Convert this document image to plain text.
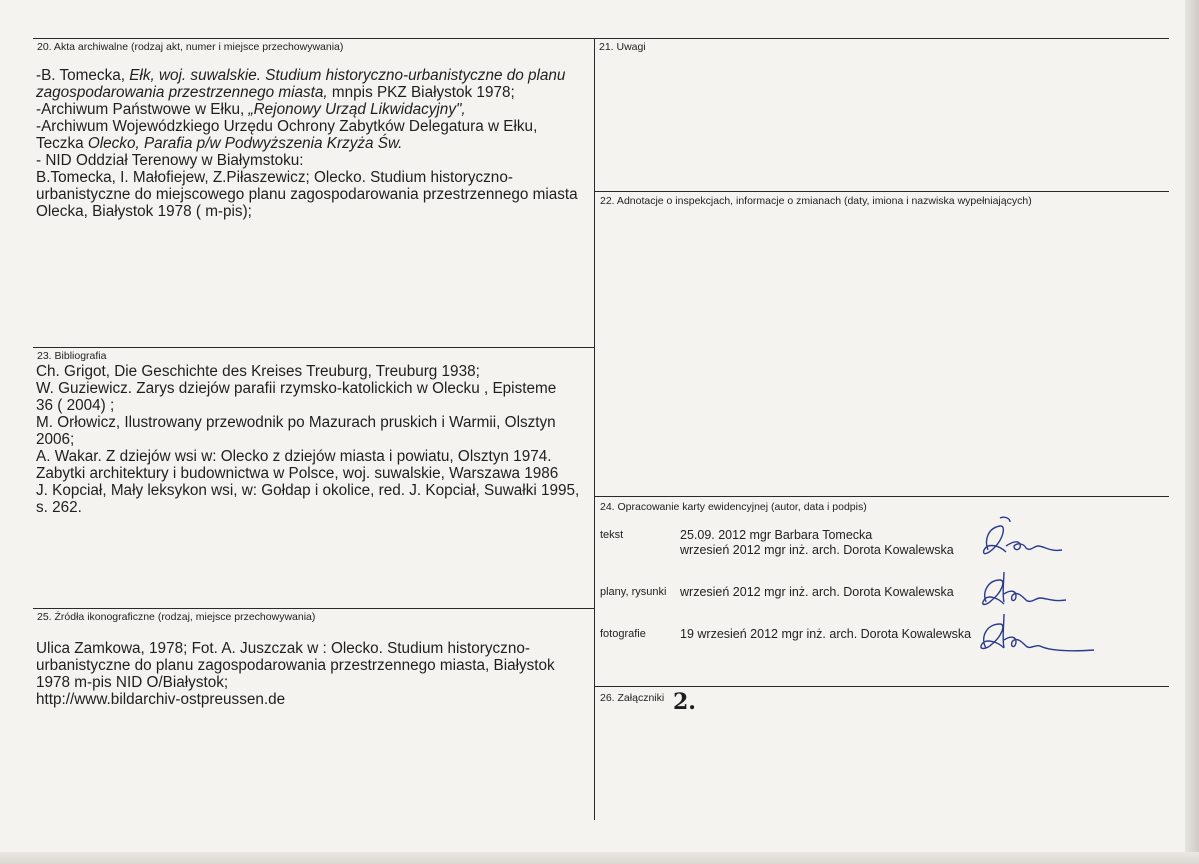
20. Akta archiwalne (rodzaj akt, numer i miejsce przechowywania)
-B. Tomecka, Ełk, woj. suwalskie. Studium historyczno-urbanistyczne do planu
zagospodarowania przestrzennego miasta, mnpis PKZ Białystok 1978;
-Archiwum Państwowe w Ełku, „Rejonowy Urząd Likwidacyjny",
-Archiwum Wojewódzkiego Urzędu Ochrony Zabytków Delegatura w Ełku,
Teczka Olecko, Parafia p/w Podwyższenia Krzyża Św.
- NID Oddział Terenowy w Białymstoku:
B.Tomecka, I. Małofiejew, Z.Piłaszewicz; Olecko. Studium historyczno-
urbanistyczne do miejscowego planu zagospodarowania przestrzennego miasta
Olecka, Białystok 1978 ( m-pis);
21. Uwagi
22. Adnotacje o inspekcjach, informacje o zmianach (daty, imiona i nazwiska wypełniających)
23. Bibliografia
Ch. Grigot, Die Geschichte des Kreises Treuburg, Treuburg 1938;
W. Guziewicz. Zarys dziejów parafii rzymsko-katolickich w Olecku , Episteme
36 ( 2004) ;
M. Orłowicz, Ilustrowany przewodnik po Mazurach pruskich i Warmii, Olsztyn
2006;
A. Wakar. Z dziejów wsi w: Olecko z dziejów miasta i powiatu, Olsztyn 1974.
Zabytki architektury i budownictwa w Polsce, woj. suwalskie, Warszawa 1986
J. Kopciał, Mały leksykon wsi, w: Gołdap i okolice, red. J. Kopciał, Suwałki 1995,
s. 262.	24. Opracowanie karty ewidencyjnej (autor, data i podpis)
tekst	25.09. 2012 mgr Barbara Tomecka
wrzesień 2012 mgr inż. arch. Dorota Kowalewska
plany, rysunki wrzesień 2012 mgr inż. arch. Dorota Kowalewska
fotografie	19 wrzesień 2012 mgr inż. arch. Dorota Kowalewska
25. Źródła ikonograficzne (rodzaj, miejsce przechowywania)
Ulica Zamkowa, 1978; Fot. A. Juszczak w : Olecko. Studium historyczno-
urbanistyczne do planu zagospodarowania przestrzennego miasta, Białystok
1978 m-pis NID O/Białystok;
http://www.bildarchiv-ostpreussen.de	26. Załączniki 2.
